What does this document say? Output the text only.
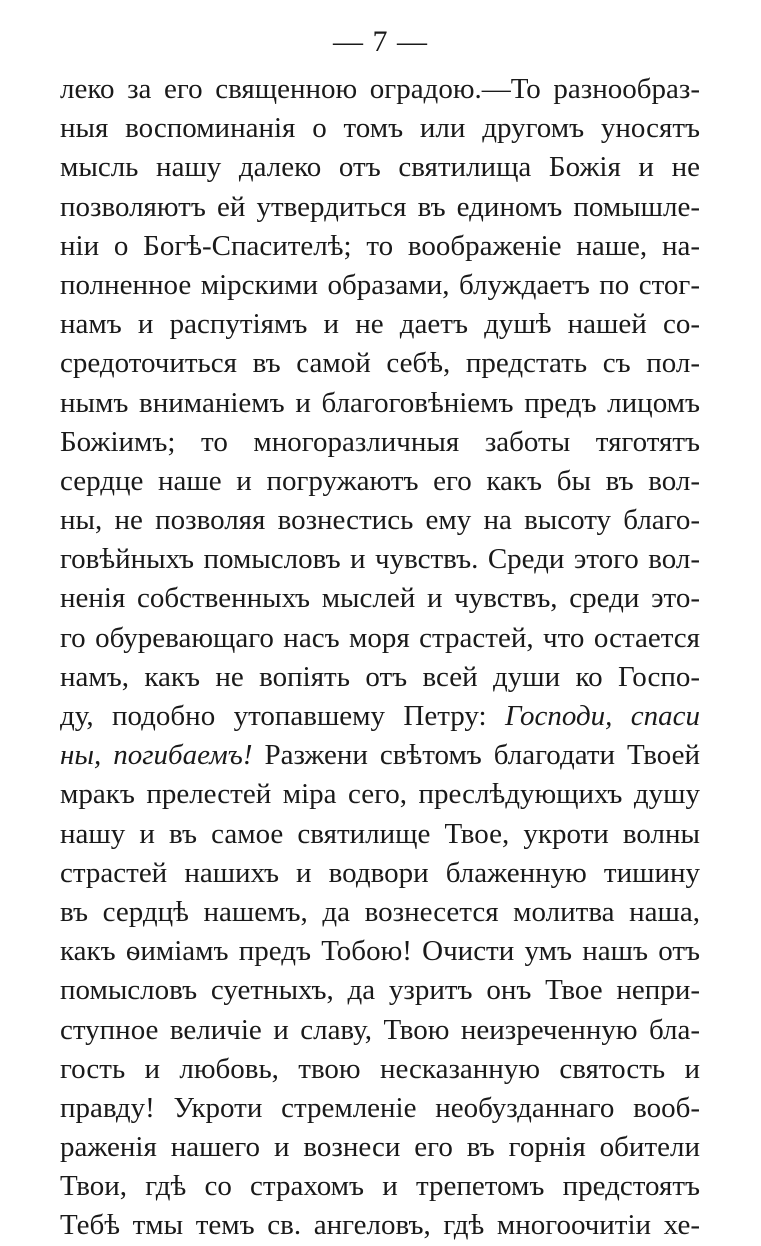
— 7 —
леко за его священною оградою.—То разнообраз-
ныя воспоминанія о томъ или другомъ уносятъ
мысль нашу далеко отъ святилища Божія и не
позволяютъ ей утвердиться въ единомъ помышле-
ніи о Богѣ-Спасителѣ; то воображеніе наше, на-
полненное мірскими образами, блуждаетъ по стог-
намъ и распутіямъ и не даетъ душѣ нашей со-
средоточиться въ самой себѣ, предстать съ пол-
нымъ вниманіемъ и благоговѣніемъ предъ лицомъ
Божіимъ; то многоразличныя заботы тяготятъ
сердце наше и погружаютъ его какъ бы въ вол-
ны, не позволяя вознестись ему на высоту благо-
говѣйныхъ помысловъ и чувствъ. Среди этого вол-
ненія собственныхъ мыслей и чувствъ, среди это-
го обуревающаго насъ моря страстей, что остается
намъ, какъ не вопіять отъ всей души ко Госпо-
ду, подобно утопавшему Петру: Господи, спаси
ны, погибаемъ! Разжени свѣтомъ благодати Твоей
мракъ прелестей міра сего, преслѣдующихъ душу
нашу и въ самое святилище Твое, укроти волны
страстей нашихъ и водвори блаженную тишину
въ сердцѣ нашемъ, да вознесется молитва наша,
какъ ѳиміамъ предъ Тобою! Очисти умъ нашъ отъ
помысловъ суетныхъ, да узритъ онъ Твое непри-
ступное величіе и славу, Твою неизреченную бла-
гость и любовь, твою несказанную святость и
правду! Укроти стремленіе необузданнаго вооб-
раженія нашего и вознеси его въ горнія обители
Твои, гдѣ со страхомъ и трепетомъ предстоятъ
Тебѣ тмы темъ св. ангеловъ, гдѣ многоочитіи хе-
